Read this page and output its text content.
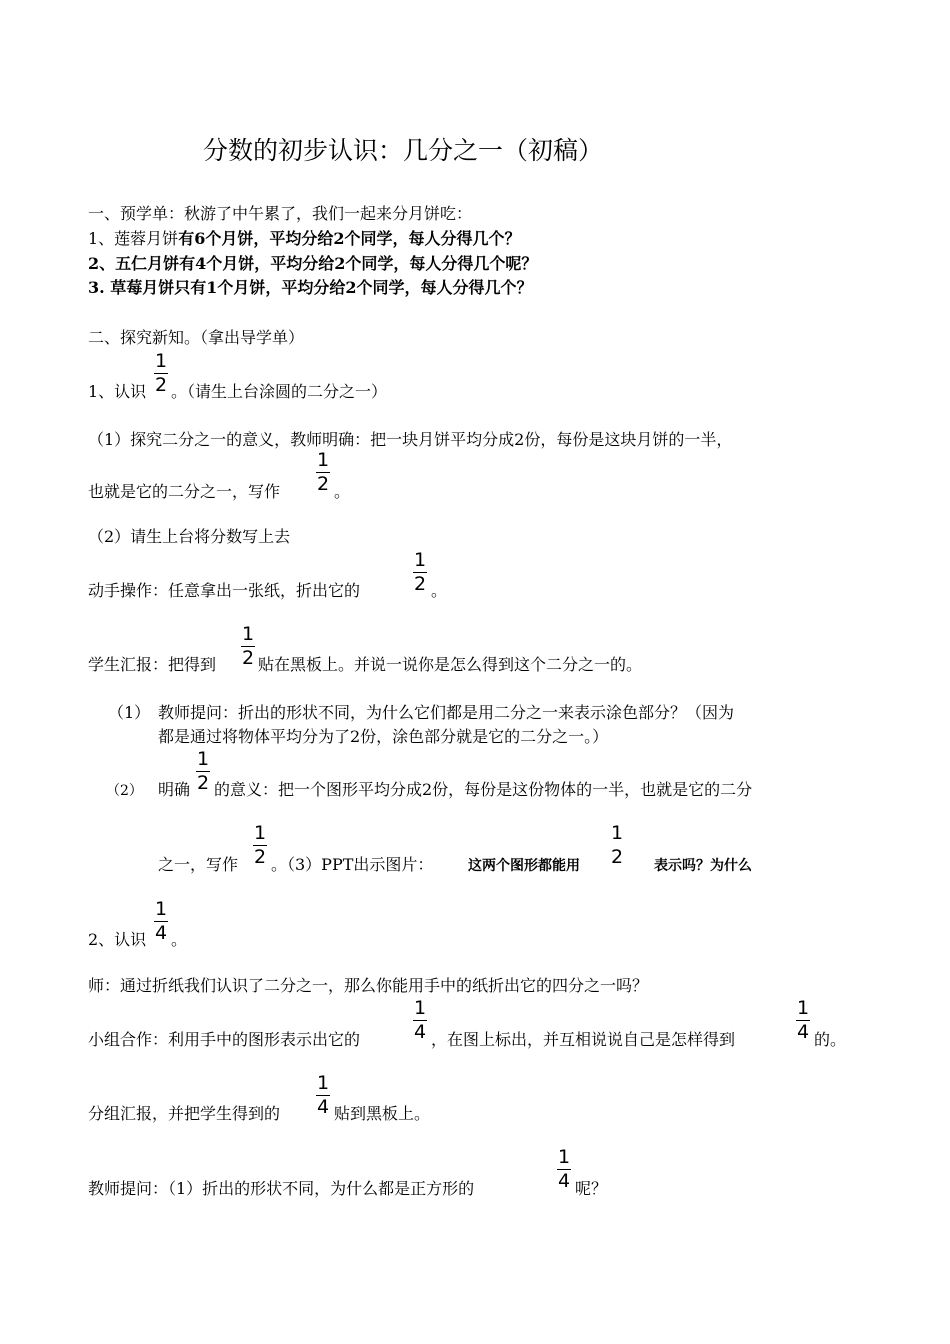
分数的初步认识：几分之一（初稿）
一、预学单：秋游了中午累了，我们一起来分月饼吃：
1、莲蓉月饼有6个月饼，平均分给2个同学，每人分得几个？
2、五仁月饼有4个月饼，平均分给2个同学，每人分得几个呢？
3. 草莓月饼只有1个月饼，平均分给2个同学，每人分得几个？
二、探究新知。（拿出导学单）
1、认识
1
2 。（请生上台涂圆的二分之一）
（1）探究二分之一的意义，教师明确：把一块月饼平均分成2份，每份是这块月饼的一半，
也就是它的二分之一，写作
1
2 。
（2）请生上台将分数写上去
动手操作：任意拿出一张纸，折出它的
1
2 。
学生汇报：把得到
1
2 贴在黑板上。并说一说你是怎么得到这个二分之一的。
（1） 教师提问：折出的形状不同，为什么它们都是用二分之一来表示涂色部分？（因为
都是通过将物体平均分为了2份，涂色部分就是它的二分之一。）
（2） 明确
1
2 的意义：把一个图形平均分成2份，每份是这份物体的一半，也就是它的二分
之一，写作
1
2 。（3）PPT出示图片： 这两个图形都能用
1
2 表示吗？为什么
2、认识
1
4 。
师：通过折纸我们认识了二分之一，那么你能用手中的纸折出它的四分之一吗？
小组合作：利用手中的图形表示出它的
1
4 ，在图上标出，并互相说说自己是怎样得到
1
4 的。
分组汇报，并把学生得到的
1
4 贴到黑板上。
教师提问：（1）折出的形状不同，为什么都是正方形的
1
4 呢？
